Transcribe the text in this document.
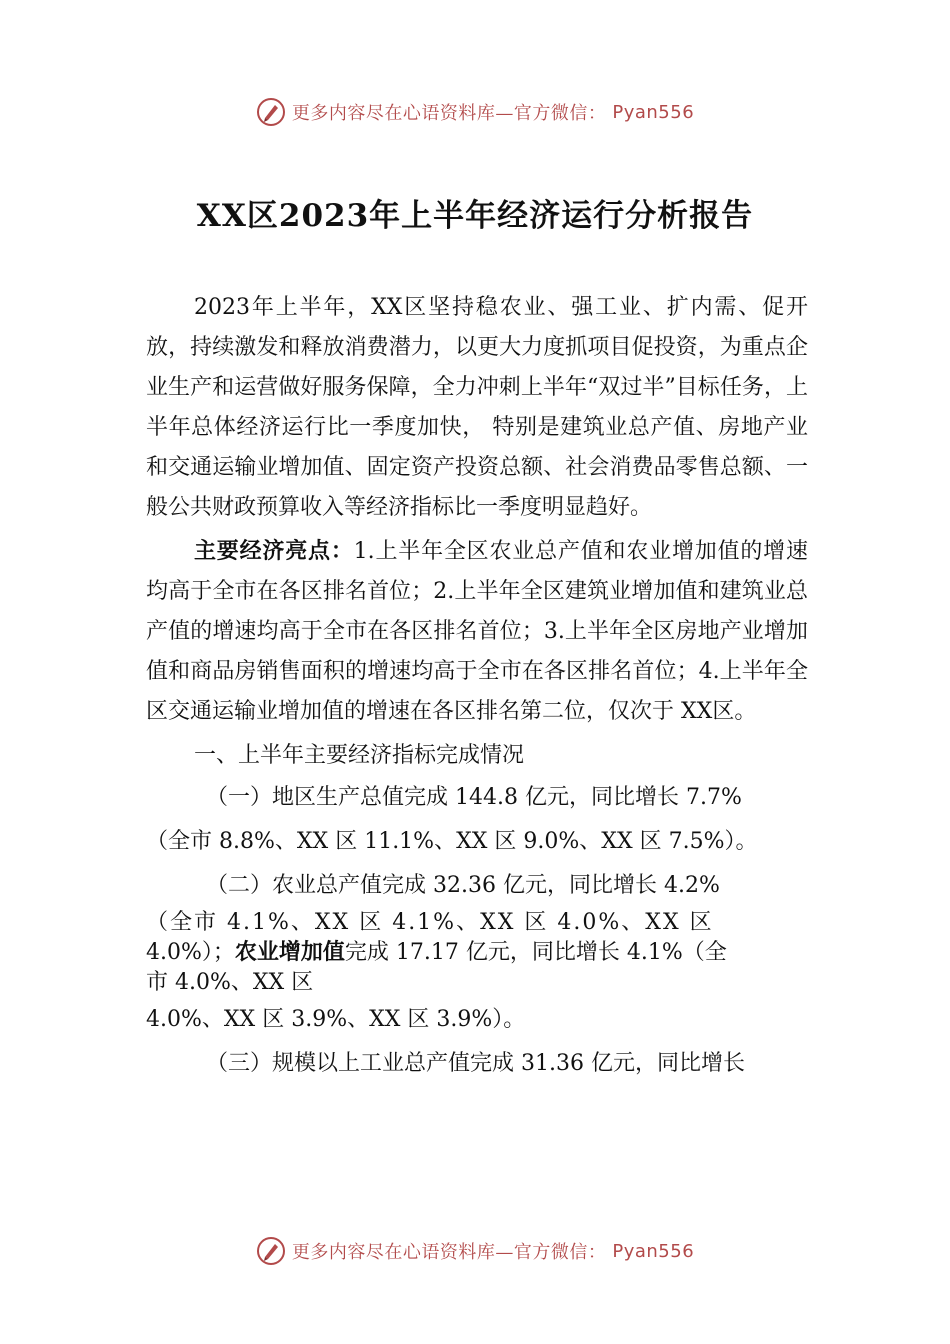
更多内容尽在心语资料库—官方微信： Pyan556
XX区2023年上半年经济运行分析报告

2023年上半年，XX区坚持稳农业、强工业、扩内需、促开放，持续激发和释放消费潜力，以更大力度抓项目促投资，为重点企业生产和运营做好服务保障，全力冲刺上半年“双过半”目标任务，上半年总体经济运行比一季度加快， 特别是建筑业总产值、房地产业和交通运输业增加值、固定资产投资总额、社会消费品零售总额、一般公共财政预算收入等经济指标比一季度明显趋好。

主要经济亮点：1.上半年全区农业总产值和农业增加值的增速均高于全市在各区排名首位；2.上半年全区建筑业增加值和建筑业总产值的增速均高于全市在各区排名首位；3.上半年全区房地产业增加值和商品房销售面积的增速均高于全市在各区排名首位；4.上半年全区交通运输业增加值的增速在各区排名第二位，仅次于 XX区。

一、上半年主要经济指标完成情况

（一）地区生产总值完成 144.8 亿元，同比增长 7.7%

（全市 8.8%、XX 区 11.1%、XX 区 9.0%、XX 区 7.5%）。

（二）农业总产值完成 32.36 亿元，同比增长 4.2%

（全市 4.1%、XX 区 4.1%、XX 区 4.0%、XX 区

4.0%）；农业增加值完成 17.17 亿元，同比增长 4.1%（全

市 4.0%、XX 区

4.0%、XX 区 3.9%、XX 区 3.9%）。

（三）规模以上工业总产值完成 31.36 亿元，同比增长

更多内容尽在心语资料库—官方微信： Pyan556
